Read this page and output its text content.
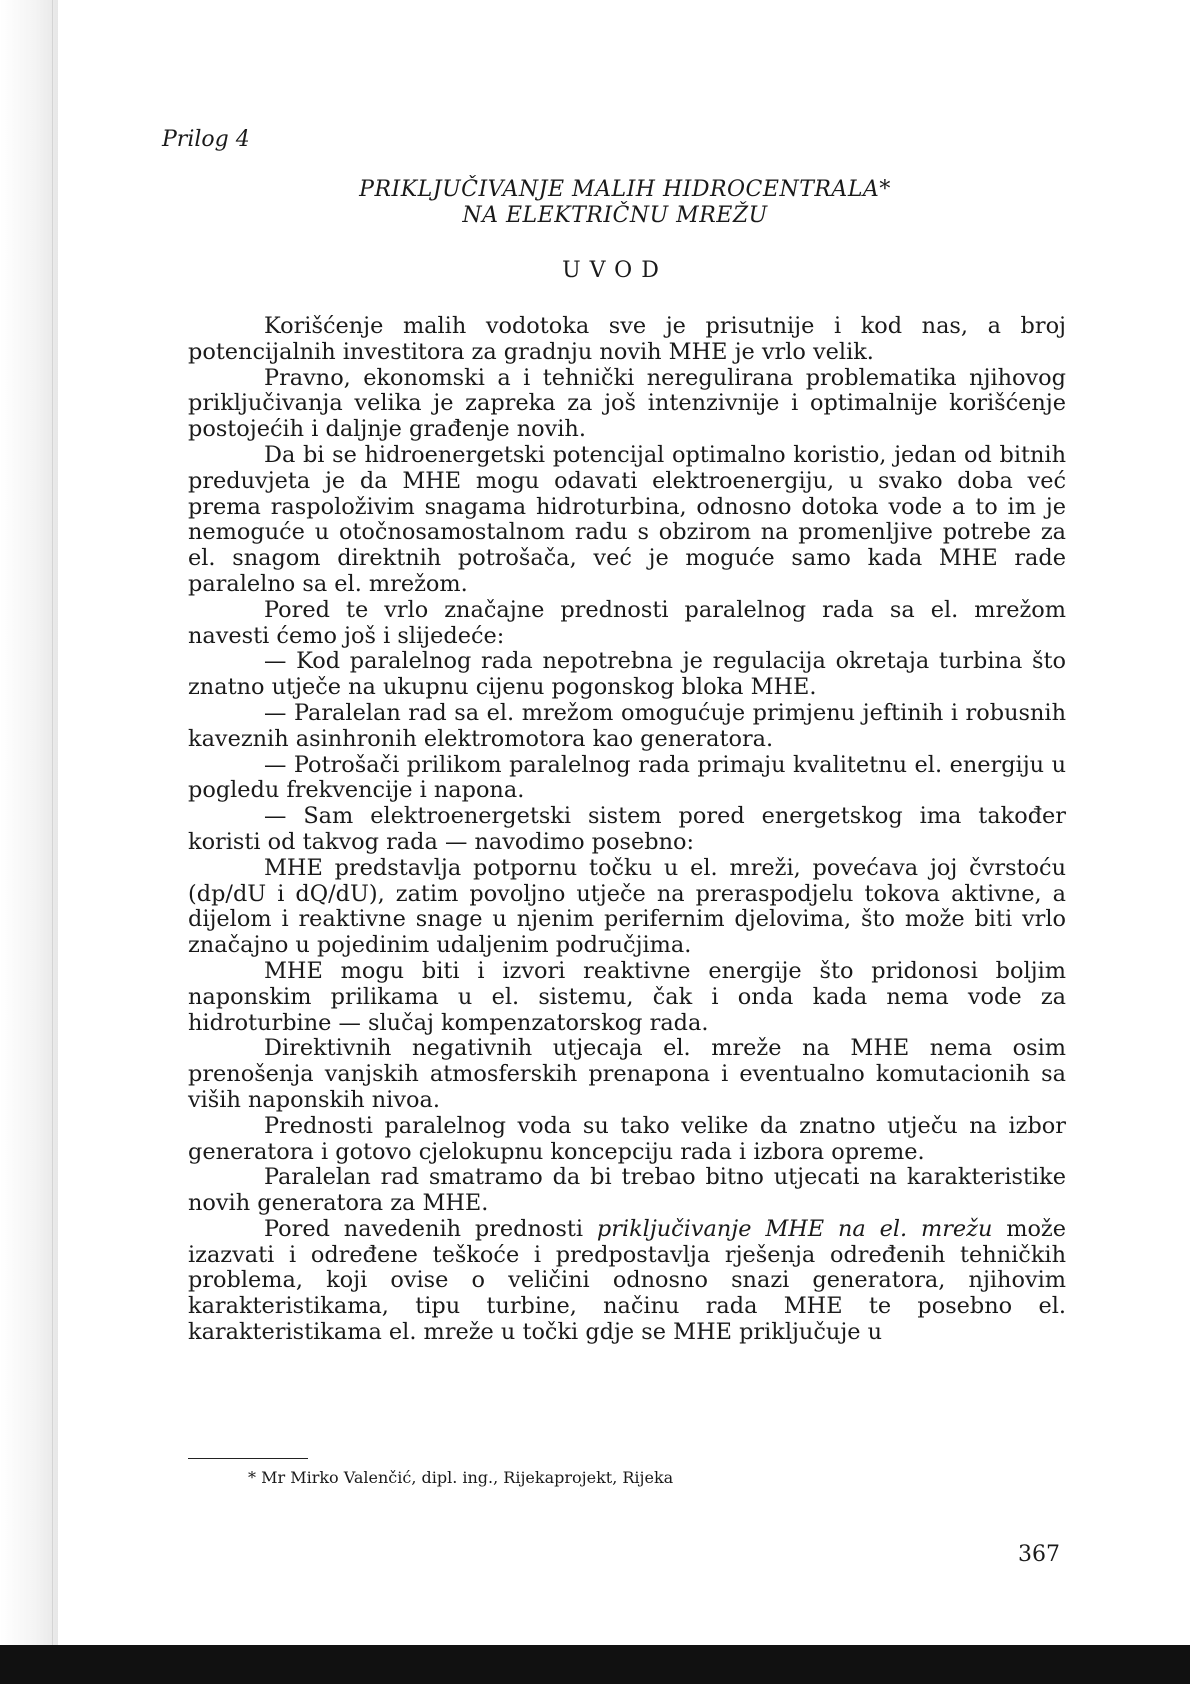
Prilog 4
PRIKLJUČIVANJE MALIH HIDROCENTRALA*
NA ELEKTRIČNU MREŽU
UVOD

Korišćenje malih vodotoka sve je prisutnije i kod nas, a broj potencijalnih investitora za gradnju novih MHE je vrlo velik.

Pravno, ekonomski a i tehnički neregulirana problematika njihovog priključivanja velika je zapreka za još intenzivnije i optimalnije korišćenje postojećih i daljnje građenje novih.

Da bi se hidroenergetski potencijal optimalno koristio, jedan od bitnih preduvjeta je da MHE mogu odavati elektroenergiju, u svako doba već prema raspoloživim snagama hidroturbina, odnosno dotoka vode a to im je nemoguće u otočnosamostalnom radu s obzirom na promenljive potrebe za el. snagom direktnih potrošača, već je moguće samo kada MHE rade paralelno sa el. mrežom.

Pored te vrlo značajne prednosti paralelnog rada sa el. mrežom navesti ćemo još i slijedeće:

— Kod paralelnog rada nepotrebna je regulacija okretaja turbina što znatno utječe na ukupnu cijenu pogonskog bloka MHE.

— Paralelan rad sa el. mrežom omogućuje primjenu jeftinih i robusnih kaveznih asinhronih elektromotora kao generatora.

— Potrošači prilikom paralelnog rada primaju kvalitetnu el. energiju u pogledu frekvencije i napona.

— Sam elektroenergetski sistem pored energetskog ima također koristi od takvog rada — navodimo posebno:

MHE predstavlja potpornu točku u el. mreži, povećava joj čvrstoću (dp/dU i dQ/dU), zatim povoljno utječe na preraspodjelu tokova aktivne, a dijelom i reaktivne snage u njenim perifernim djelovima, što može biti vrlo značajno u pojedinim udaljenim područjima.

MHE mogu biti i izvori reaktivne energije što pridonosi boljim naponskim prilikama u el. sistemu, čak i onda kada nema vode za hidroturbine — slučaj kompenzatorskog rada.

Direktivnih negativnih utjecaja el. mreže na MHE nema osim prenošenja vanjskih atmosferskih prenapona i eventualno komutacionih sa viših naponskih nivoa.

Prednosti paralelnog voda su tako velike da znatno utječu na izbor generatora i gotovo cjelokupnu koncepciju rada i izbora opreme.

Paralelan rad smatramo da bi trebao bitno utjecati na karakteristike novih generatora za MHE.

Pored navedenih prednosti priključivanje MHE na el. mrežu može izazvati i određene teškoće i predpostavlja rješenja određenih tehničkih problema, koji ovise o veličini odnosno snazi generatora, njihovim karakteristikama, tipu turbine, načinu rada MHE te posebno el. karakteristikama el. mreže u točki gdje se MHE priključuje u

* Mr Mirko Valenčić, dipl. ing., Rijekaprojekt, Rijeka
367
